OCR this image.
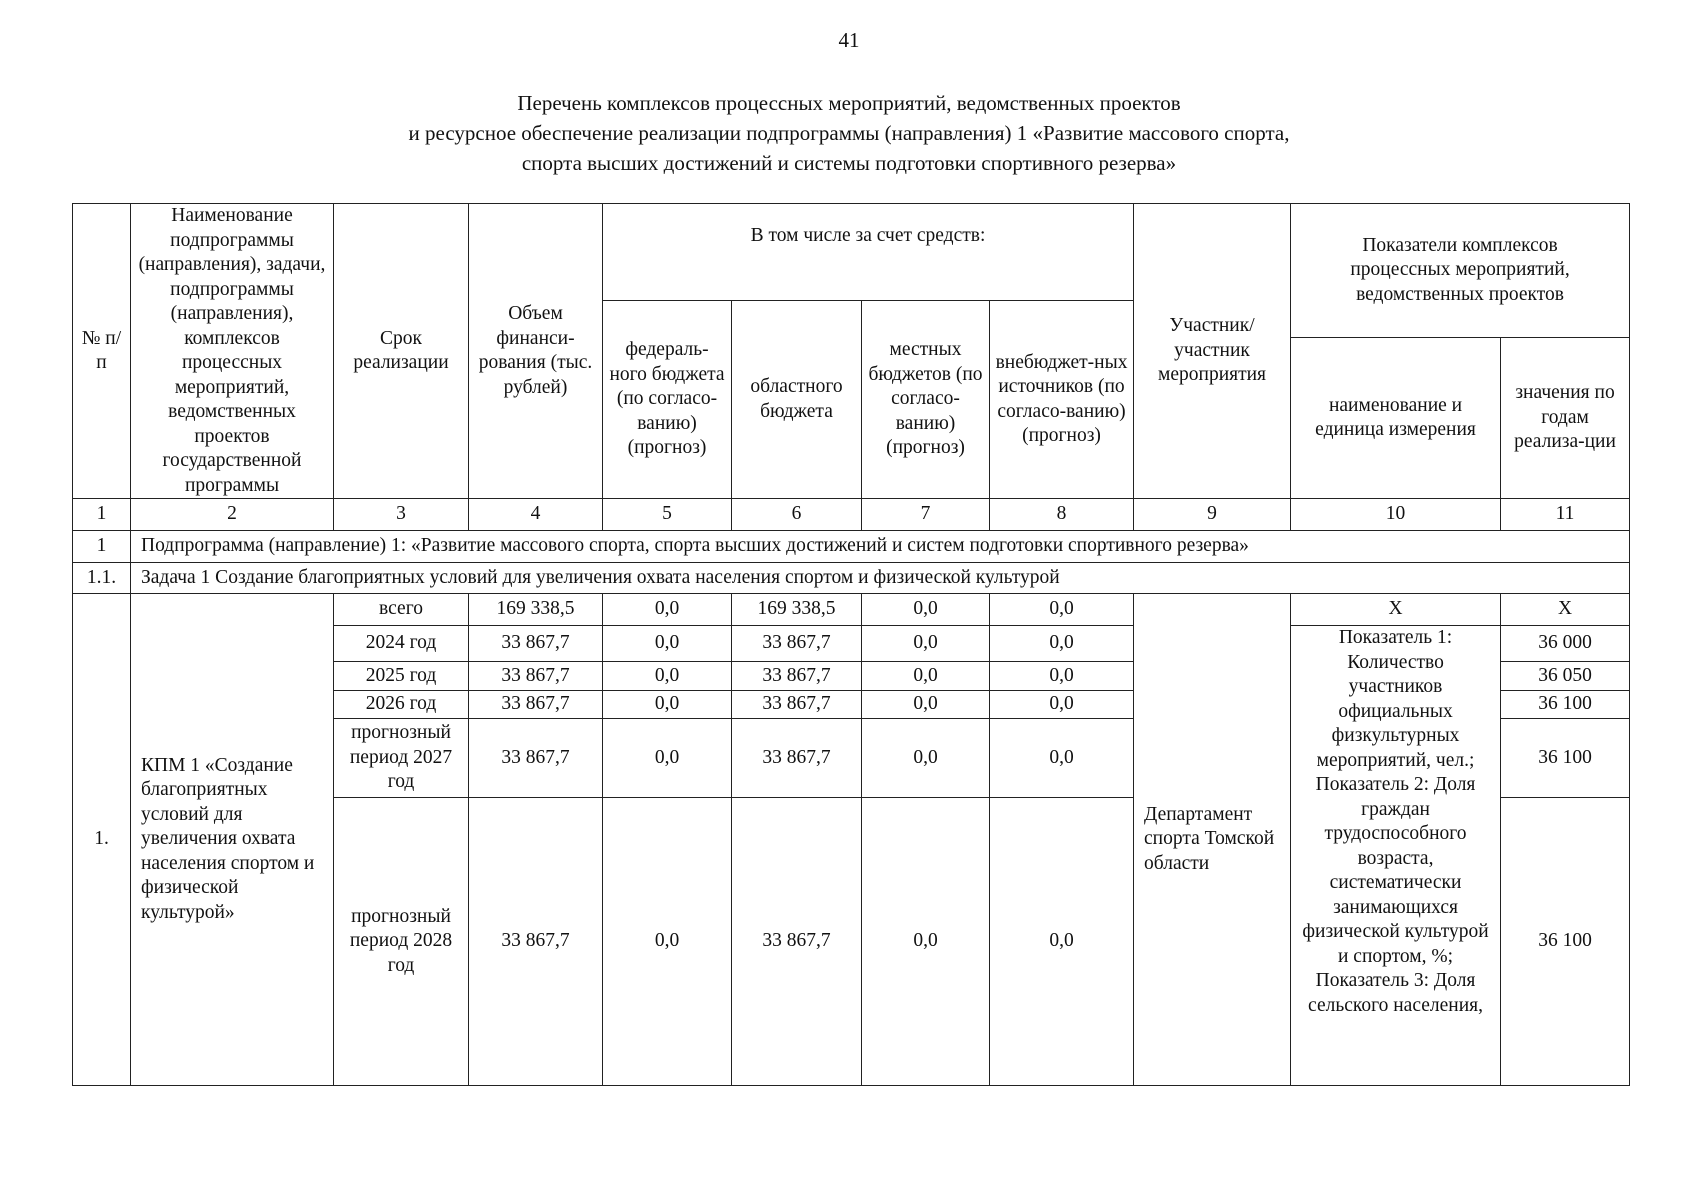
41
Перечень комплексов процессных мероприятий, ведомственных проектов
и ресурсное обеспечение реализации подпрограммы (направления) 1 «Развитие массового спорта,
спорта высших достижений и системы подготовки спортивного резерва»
№ п/п	Наименование подпрограммы (направления), задачи, подпрограммы (направления), комплексов процессных мероприятий, ведомственных проектов государственной программы	Срок реализации	Объем финанси-рования (тыс. рублей)	В том числе за счет средств:				Участник/ участник мероприятия	Показатели комплексов процессных мероприятий, ведомственных проектов	
				федераль-ного бюджета (по согласо-ванию) (прогноз)	областного бюджета	местных бюджетов (по согласо-ванию) (прогноз)	внебюджет-ных источников (по согласо-ванию) (прогноз)			
									наименование и единица измерения	значения по годам реализа-ции
1	2	3	4	5	6	7	8	9	10	11
1	Подпрограмма (направление) 1: «Развитие массового спорта, спорта высших достижений и систем подготовки спортивного резерва»									
1.1.	Задача 1 Создание благоприятных условий для увеличения охвата населения спортом и физической культурой									
1.	КПМ 1 «Создание благоприятных условий для увеличения охвата населения спортом и физической культурой»	всего	169 338,5	0,0	169 338,5	0,0	0,0	Департамент спорта Томской области	X	X
		2024 год	33 867,7	0,0	33 867,7	0,0	0,0		Показатель 1: Количество участников официальных физкультурных мероприятий, чел.; Показатель 2: Доля граждан трудоспособного возраста, систематически занимающихся физической культурой и спортом, %; Показатель 3: Доля сельского населения,	36 000
		2025 год	33 867,7	0,0	33 867,7	0,0	0,0			36 050
		2026 год	33 867,7	0,0	33 867,7	0,0	0,0			36 100
		прогнозный период 2027 год	33 867,7	0,0	33 867,7	0,0	0,0			36 100
		прогнозный период 2028 год	33 867,7	0,0	33 867,7	0,0	0,0			36 100
